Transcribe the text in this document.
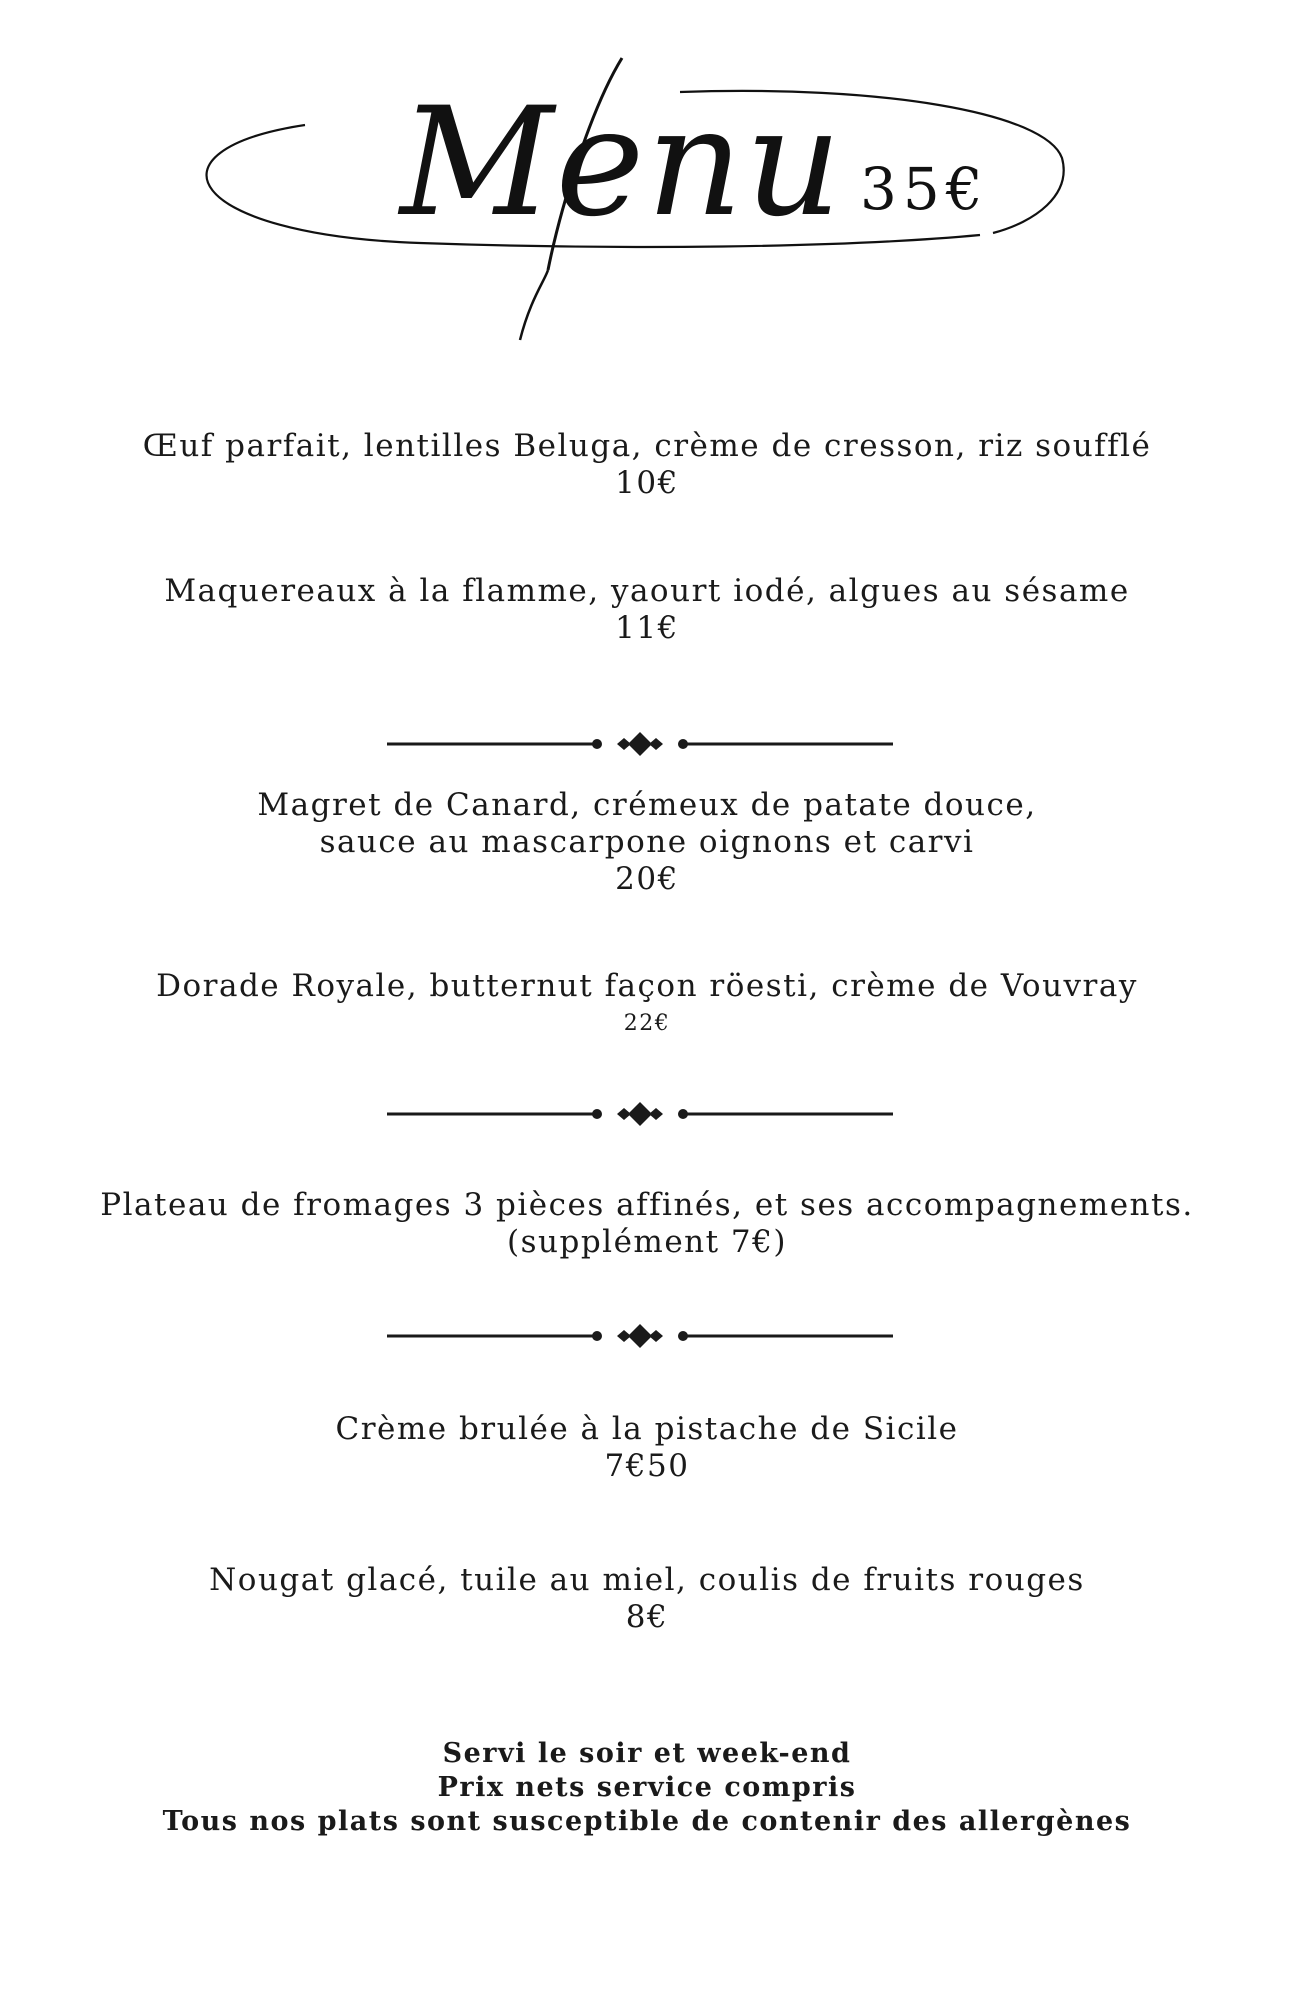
Menu 35€
Œuf parfait, lentilles Beluga, crème de cresson, riz soufflé
10€
Maquereaux à la flamme, yaourt iodé, algues au sésame
11€
Magret de Canard, crémeux de patate douce,
sauce au mascarpone oignons et carvi
20€
Dorade Royale, butternut façon röesti, crème de Vouvray
22€
Plateau de fromages 3 pièces affinés, et ses accompagnements.
(supplément 7€)
Crème brulée à la pistache de Sicile
7€50
Nougat glacé, tuile au miel, coulis de fruits rouges
8€
Servi le soir et week-end
Prix nets service compris
Tous nos plats sont susceptible de contenir des allergènes
